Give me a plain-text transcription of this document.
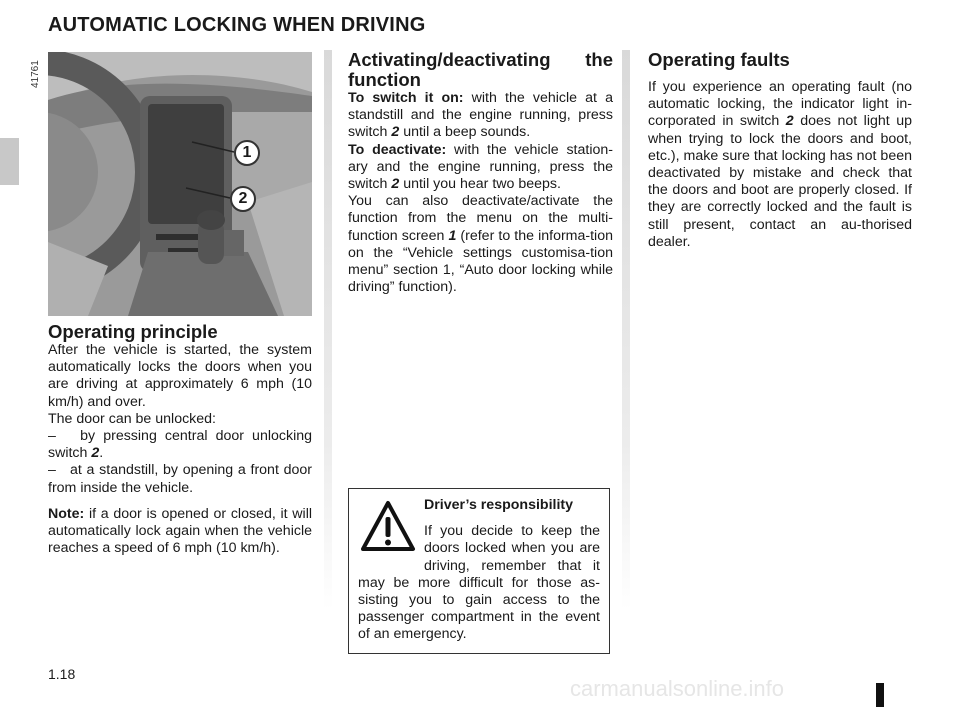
AUTOMATIC LOCKING WHEN DRIVING
1
2
41761
Operating principle

After the vehicle is started, the system automatically locks the doors when you are driving at approximately 6 mph (10 km/h) and over.

The door can be unlocked:

–   by pressing central door unlocking switch 2.

–   at a standstill, by opening a front door from inside the vehicle.

Note: if a door is opened or closed, it will automatically lock again when the vehicle reaches a speed of 6 mph (10 km/h).

Activating/deactivating the function

To switch it on: with the vehicle at a standstill and the engine running, press switch 2 until a beep sounds.

To deactivate: with the vehicle station-ary and the engine running, press the switch 2 until you hear two beeps.

You can also deactivate/activate the function from the menu on the multi-function screen 1 (refer to the informa-tion on the “Vehicle settings customisa-tion menu” section 1, “Auto door locking while driving” function).

Driver’s responsibility
If you decide to keep the doors locked when you are driving, remember that it may be more difficult for those as-sisting you to gain access to the passenger compartment in the event of an emergency.
Operating faults

If you experience an operating fault (no automatic locking, the indicator light in-corporated in switch 2 does not light up when trying to lock the doors and boot, etc.), make sure that locking has not been deactivated by mistake and check that the doors and boot are properly closed. If they are correctly locked and the fault is still present, contact an au-thorised dealer.

1.18
carmanualsonline.info
